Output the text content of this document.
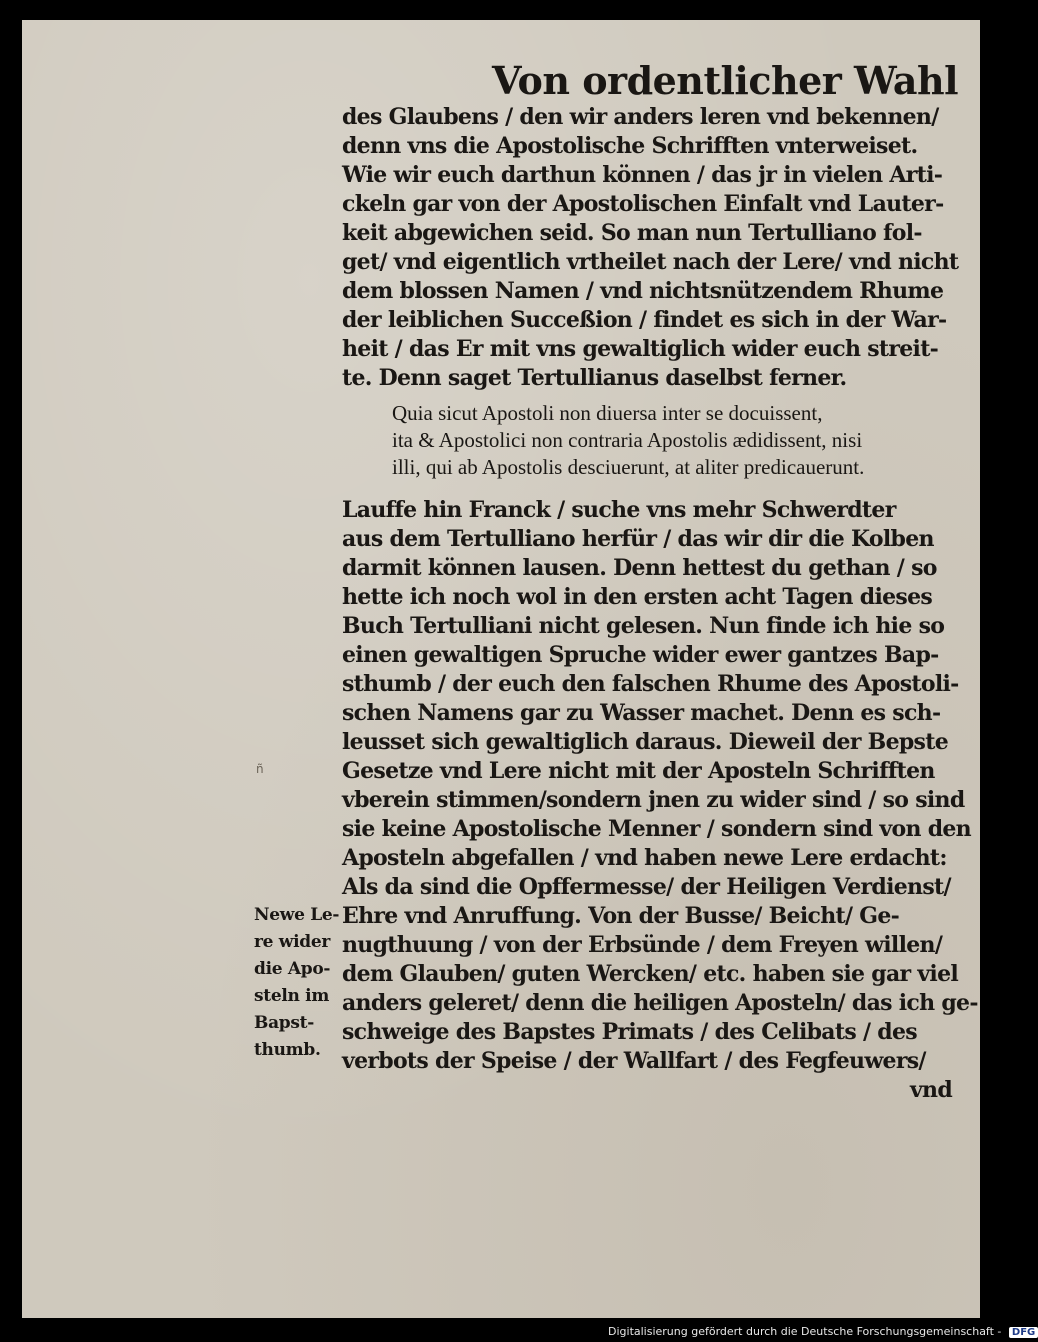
Von ordentlicher Wahl
des Glaubens / den wir anders leren vnd bekennen/
denn vns die Apostolische Schrifften vnterweiset.
Wie wir euch darthun können / das jr in vielen Arti-
ckeln gar von der Apostolischen Einfalt vnd Lauter-
keit abgewichen seid. So man nun Tertulliano fol-
get/ vnd eigentlich vrtheilet nach der Lere/ vnd nicht
dem blossen Namen / vnd nichtsnützendem Rhume
der leiblichen Succeßion / findet es sich in der War-
heit / das Er mit vns gewaltiglich wider euch streit-
te. Denn saget Tertullianus daselbst ferner.
Quia sicut Apostoli non diuersa inter se docuissent,
ita & Apostolici non contraria Apostolis ædidissent, nisi
illi, qui ab Apostolis desciuerunt, at aliter predicauerunt.
Lauffe hin Franck / suche vns mehr Schwerdter
aus dem Tertulliano herfür / das wir dir die Kolben
darmit können lausen. Denn hettest du gethan / so
hette ich noch wol in den ersten acht Tagen dieses
Buch Tertulliani nicht gelesen. Nun finde ich hie so
einen gewaltigen Spruche wider ewer gantzes Bap-
sthumb / der euch den falschen Rhume des Apostoli-
schen Namens gar zu Wasser machet. Denn es sch-
leusset sich gewaltiglich daraus. Dieweil der Bepste
Gesetze vnd Lere nicht mit der Aposteln Schrifften
vberein stimmen/sondern jnen zu wider sind / so sind
sie keine Apostolische Menner / sondern sind von den
Aposteln abgefallen / vnd haben newe Lere erdacht:
Als da sind die Opffermesse/ der Heiligen Verdienst/
Ehre vnd Anruffung. Von der Busse/ Beicht/ Ge-
nugthuung / von der Erbsünde / dem Freyen willen/
dem Glauben/ guten Wercken/ etc. haben sie gar viel
anders geleret/ denn die heiligen Aposteln/ das ich ge-
schweige des Bapstes Primats / des Celibats / des
verbots der Speise / der Wallfart / des Fegfeuwers/
vnd
Newe Le-
re wider
die Apo-
steln im
Bapst-
thumb.
ñ
Digitalisierung gefördert durch die Deutsche Forschungsgemeinschaft - DFG
